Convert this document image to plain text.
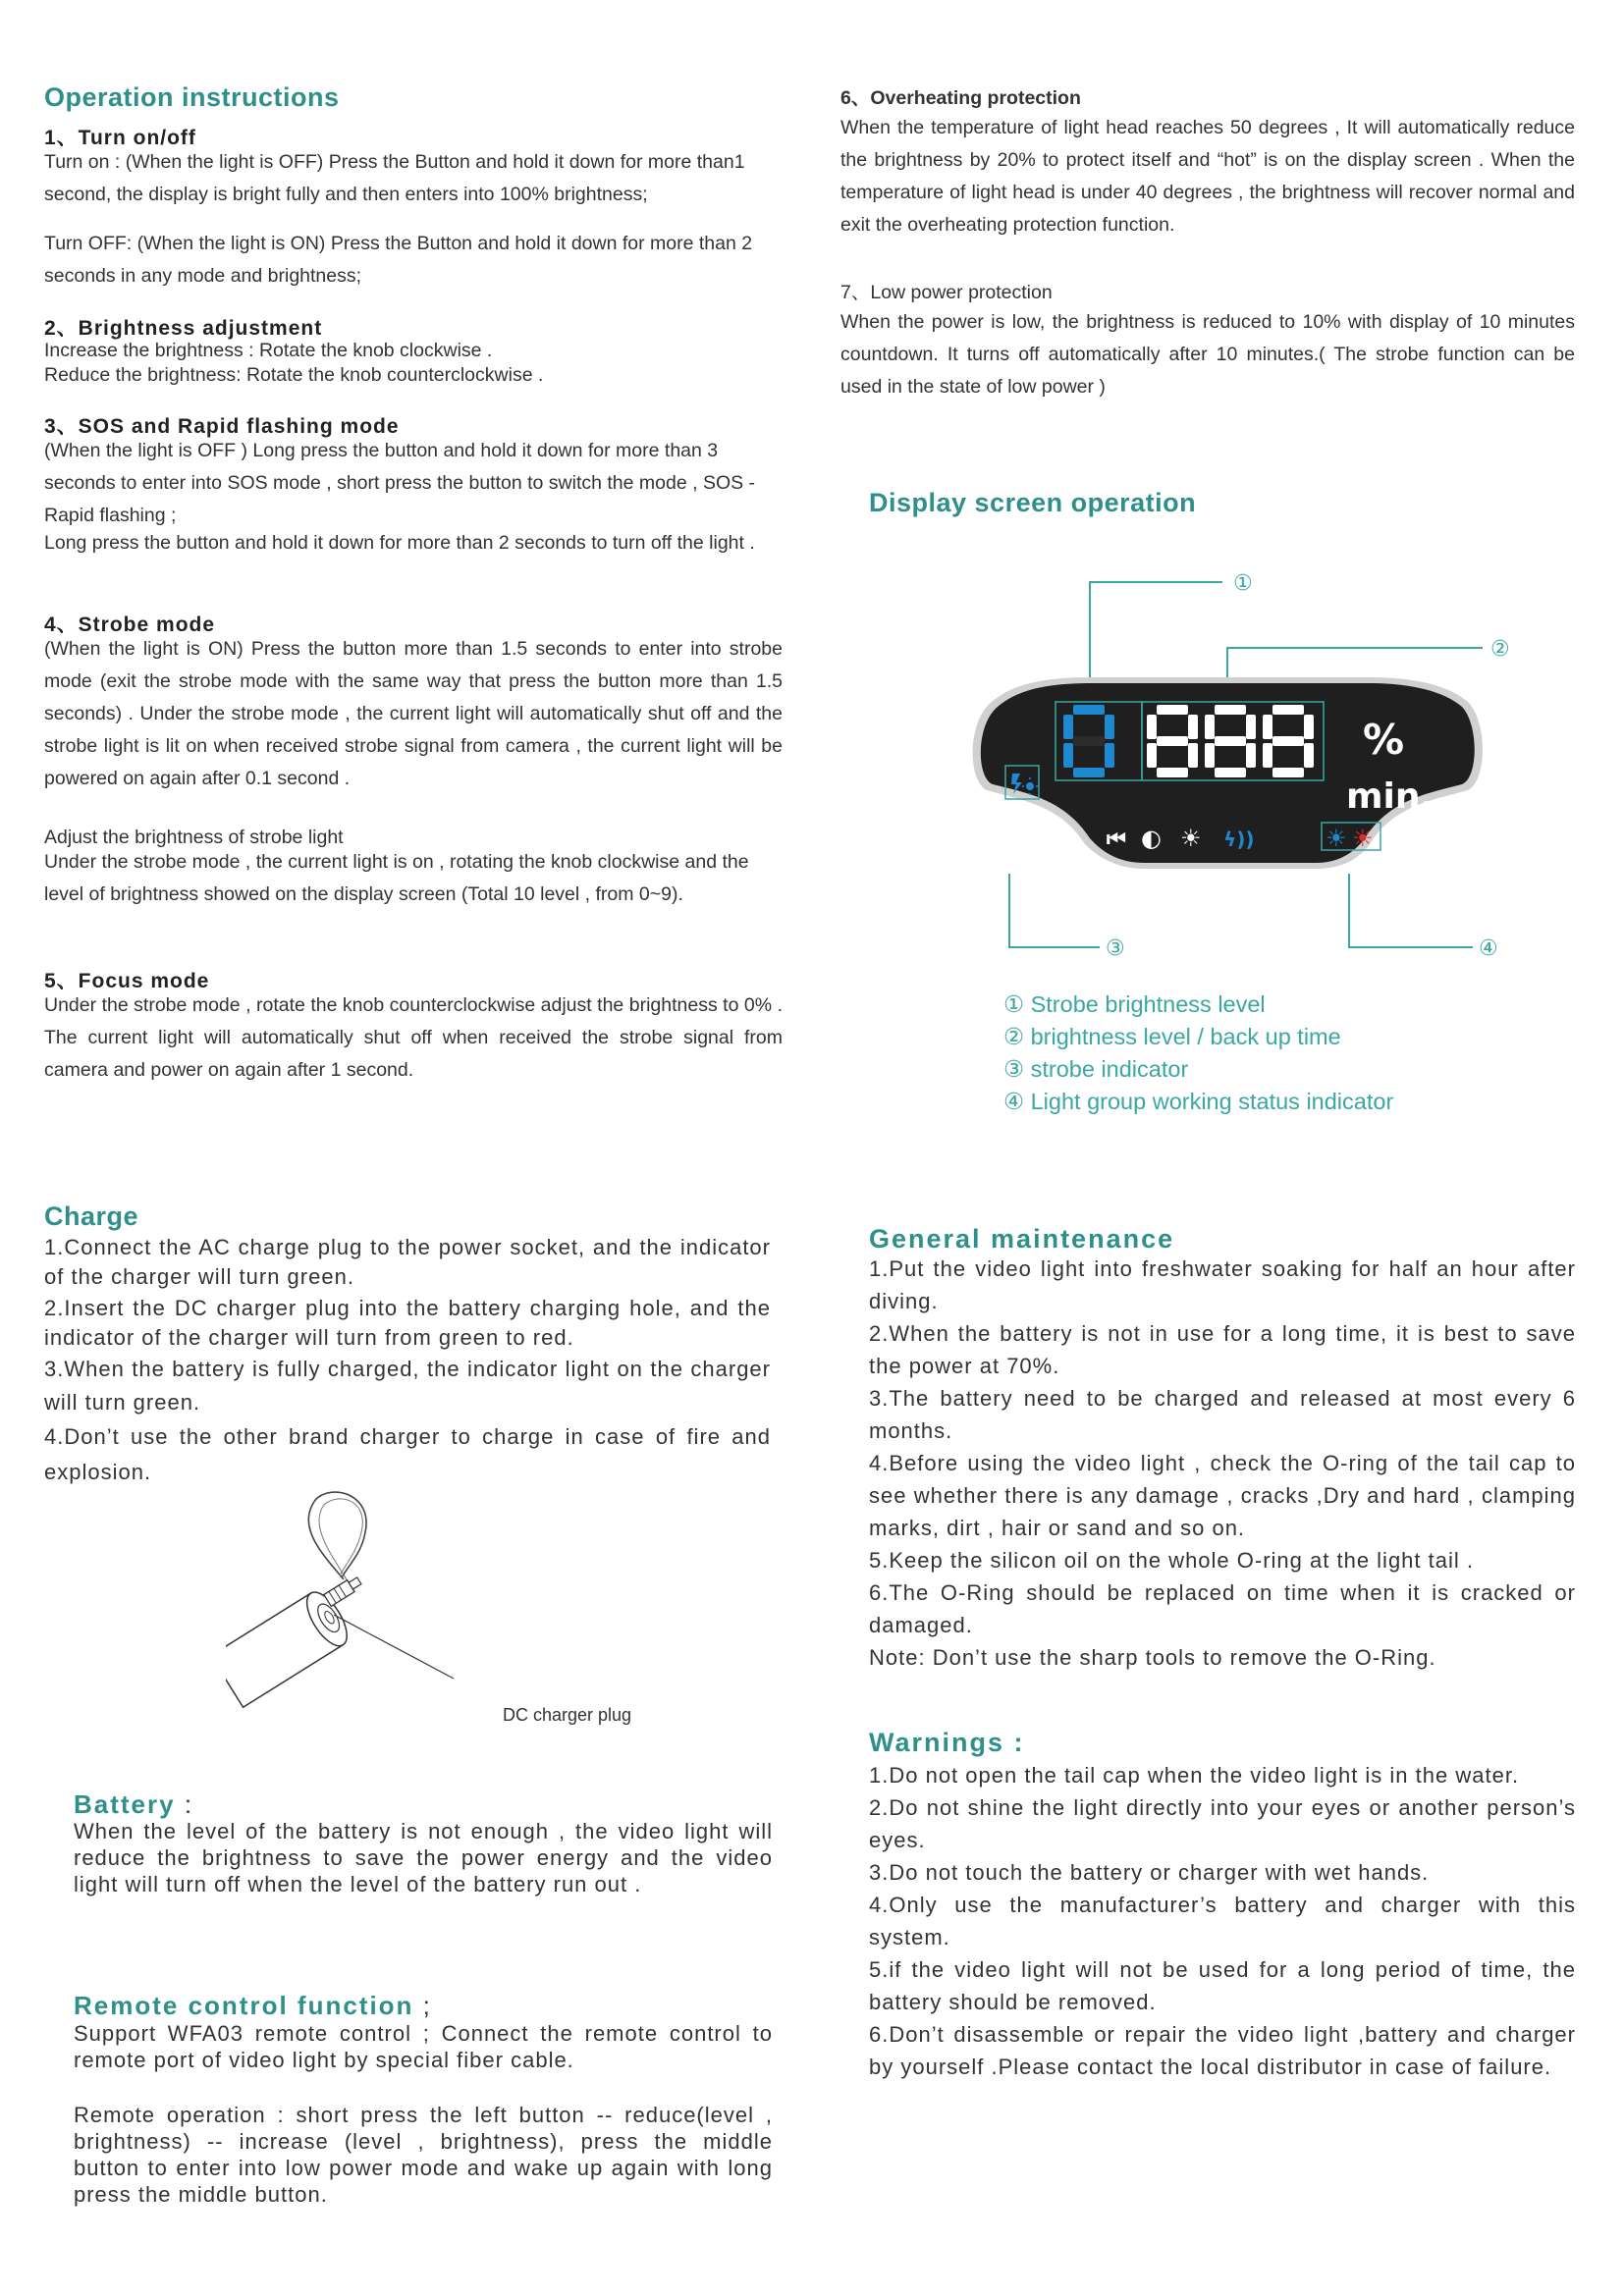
Operation instructions
1、Turn on/off
Turn on : (When the light is OFF) Press the Button and hold it down for more than1 second, the display is bright fully and then enters into 100% brightness;
Turn OFF: (When the light is ON) Press the Button and hold it down for more than 2 seconds in any mode and brightness;
2、Brightness adjustment
Increase the brightness : Rotate the knob clockwise .
Reduce the brightness: Rotate the knob counterclockwise .
3、SOS and Rapid flashing mode
(When the light is OFF ) Long press the button and hold it down for more than 3 seconds to enter into SOS mode , short press the button to switch the mode , SOS - Rapid flashing ;
Long press the button and hold it down for more than 2 seconds to turn off the light .
4、Strobe mode
(When the light is ON) Press the button more than 1.5 seconds to enter into strobe mode (exit the strobe mode with the same way that press the button more than 1.5 seconds) . Under the strobe mode , the current light will automatically shut off and the strobe light is lit on when received strobe signal from camera , the current light will be powered on again after 0.1 second .
Adjust the brightness of strobe light
Under the strobe mode , the current light is on , rotating the knob clockwise and the level of brightness showed on the display screen (Total 10 level , from 0~9).
5、Focus mode
Under the strobe mode , rotate the knob counterclockwise adjust the brightness to 0% . The current light will automatically shut off when received the strobe signal from camera and power on again after 1 second.
Charge
1.Connect the AC charge plug to the power socket, and the indicator of the charger will turn green.
2.Insert the DC charger plug into the battery charging hole, and the indicator of the charger will turn from green to red.
3.When the battery is fully charged, the indicator light on the charger will turn green.
4.Don’t use the other brand charger to charge in case of fire and explosion.
DC charger plug
Battery :
When the level of the battery is not enough , the video light will reduce the brightness to save the power energy and the video light will turn off when the level of the battery run out .
Remote control function ;
Support WFA03 remote control ; Connect the remote control to remote port of video light by special fiber cable.
Remote operation : short press the left button -- reduce(level , brightness) -- increase (level , brightness), press the middle button to enter into low power mode and wake up again with long press the middle button.
6、Overheating protection
When the temperature of light head reaches 50 degrees , It will automatically reduce the brightness by 20% to protect itself and “hot” is on the display screen . When the temperature of light head is under 40 degrees , the brightness will recover normal and exit the overheating protection function.
7、Low power protection
When the power is low, the brightness is reduced to 10% with display of 10 minutes countdown. It turns off automatically after 10 minutes.( The strobe function can be used in the state of low power )
Display screen operation
⏮ ◐ ☀ ϟ))	☀ ☀
%
min.
①
②
③	④
① Strobe brightness level
② brightness level / back up time
③ strobe indicator
④ Light group working status indicator
General maintenance
1.Put the video light into freshwater soaking for half an hour after diving.
2.When the battery is not in use for a long time, it is best to save the power at 70%.
3.The battery need to be charged and released at most every 6 months.
4.Before using the video light , check the O-ring of the tail cap to see whether there is any damage , cracks ,Dry and hard , clamping marks, dirt , hair or sand and so on.
5.Keep the silicon oil on the whole O-ring at the light tail .
6.The O-Ring should be replaced on time when it is cracked or damaged.
Note: Don’t use the sharp tools to remove the O-Ring.
Warnings :
1.Do not open the tail cap when the video light is in the water.
2.Do not shine the light directly into your eyes or another person’s eyes.
3.Do not touch the battery or charger with wet hands.
4.Only use the manufacturer’s battery and charger with this system.
5.if the video light will not be used for a long period of time, the battery should be removed.
6.Don’t disassemble or repair the video light ,battery and charger by yourself .Please contact the local distributor in case of failure.
